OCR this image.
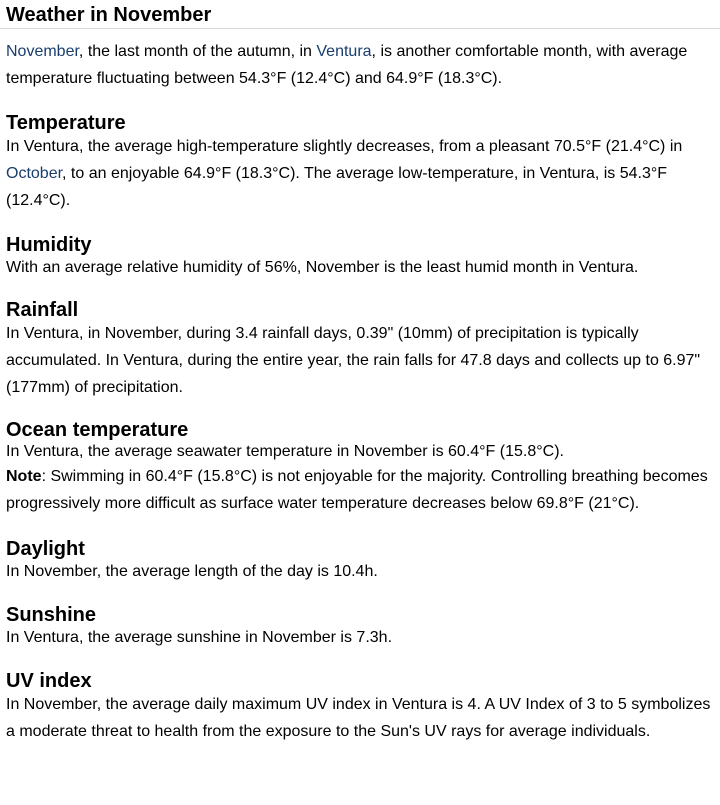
Weather in November

November, the last month of the autumn, in Ventura, is another comfortable month, with average temperature fluctuating between 54.3°F (12.4°C) and 64.9°F (18.3°C).

Temperature

In Ventura, the average high-temperature slightly decreases, from a pleasant 70.5°F (21.4°C) in October, to an enjoyable 64.9°F (18.3°C). The average low-temperature, in Ventura, is 54.3°F (12.4°C).

Humidity

With an average relative humidity of 56%, November is the least humid month in Ventura.

Rainfall

In Ventura, in November, during 3.4 rainfall days, 0.39" (10mm) of precipitation is typically accumulated. In Ventura, during the entire year, the rain falls for 47.8 days and collects up to 6.97" (177mm) of precipitation.

Ocean temperature

In Ventura, the average seawater temperature in November is 60.4°F (15.8°C).

Note: Swimming in 60.4°F (15.8°C) is not enjoyable for the majority. Controlling breathing becomes progressively more difficult as surface water temperature decreases below 69.8°F (21°C).

Daylight

In November, the average length of the day is 10.4h.

Sunshine

In Ventura, the average sunshine in November is 7.3h.

UV index

In November, the average daily maximum UV index in Ventura is 4. A UV Index of 3 to 5 symbolizes a moderate threat to health from the exposure to the Sun's UV rays for average individuals.
